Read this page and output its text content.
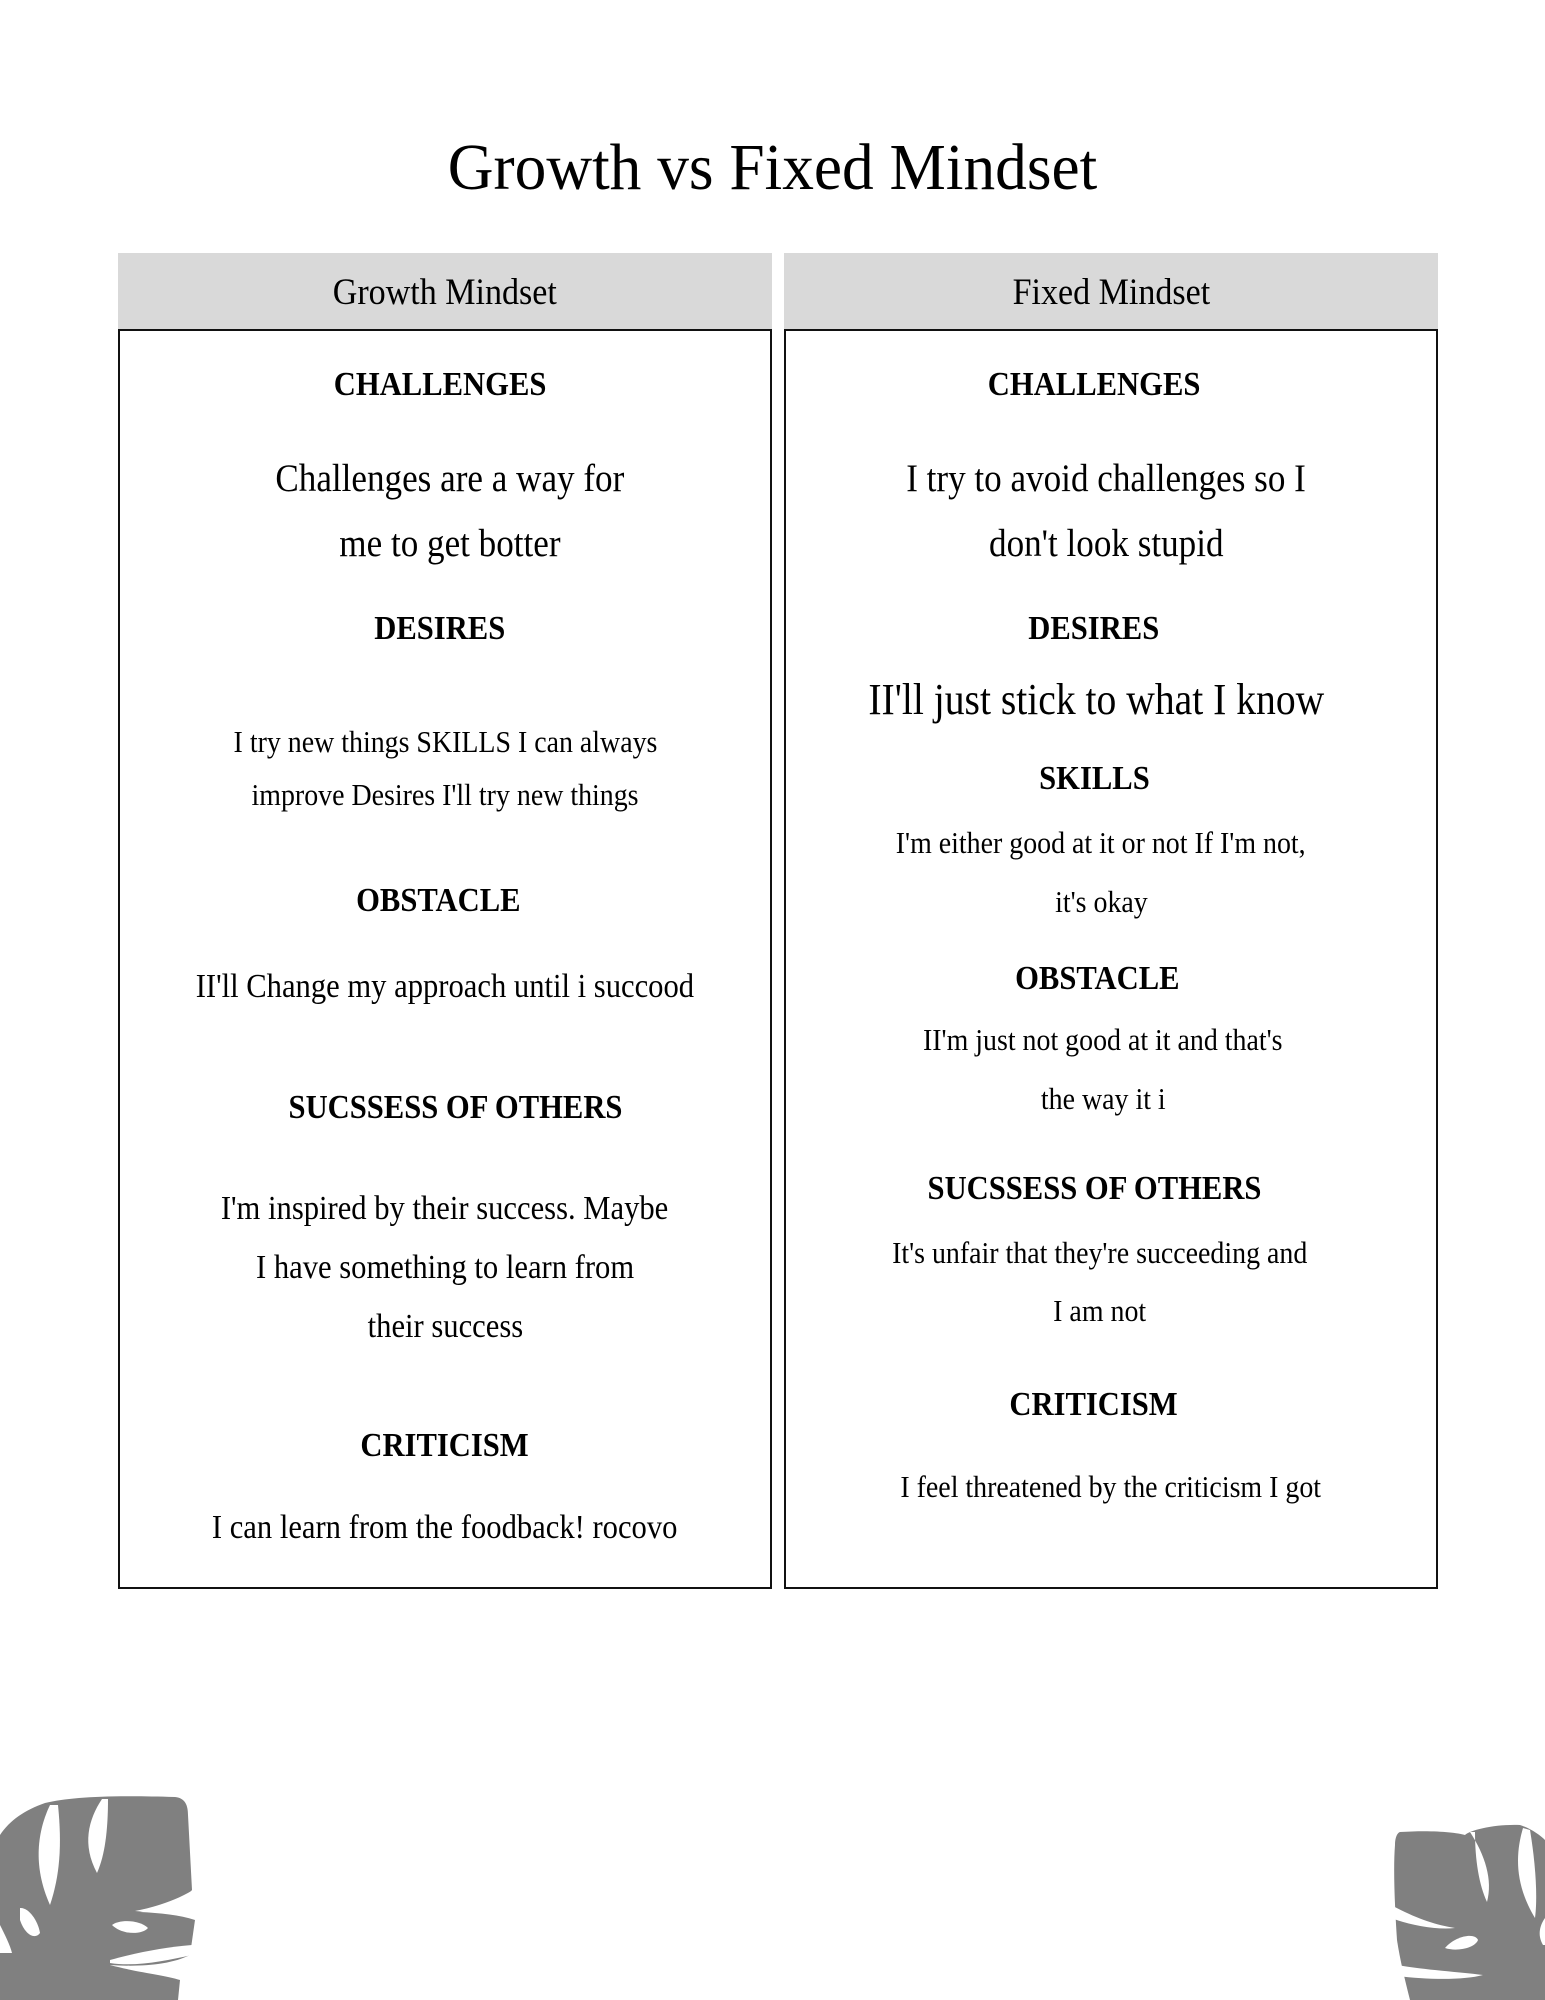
Growth vs Fixed Mindset
Growth Mindset	Fixed Mindset
CHALLENGES
Challenges are a way for
me to get botter
DESIRES
I try new things SKILLS I can always
improve Desires I'll try new things
OBSTACLE
II'll Change my approach until i succood
SUCSSESS OF OTHERS
I'm inspired by their success. Maybe
I have something to learn from
their success
CRITICISM
I can learn from the foodback! rocovo
CHALLENGES
I try to avoid challenges so I
don't look stupid
DESIRES
II'll just stick to what I know
SKILLS
I'm either good at it or not If I'm not,
it's okay
OBSTACLE
II'm just not good at it and that's
the way it i
SUCSSESS OF OTHERS
It's unfair that they're succeeding and
I am not
CRITICISM
I feel threatened by the criticism I got
